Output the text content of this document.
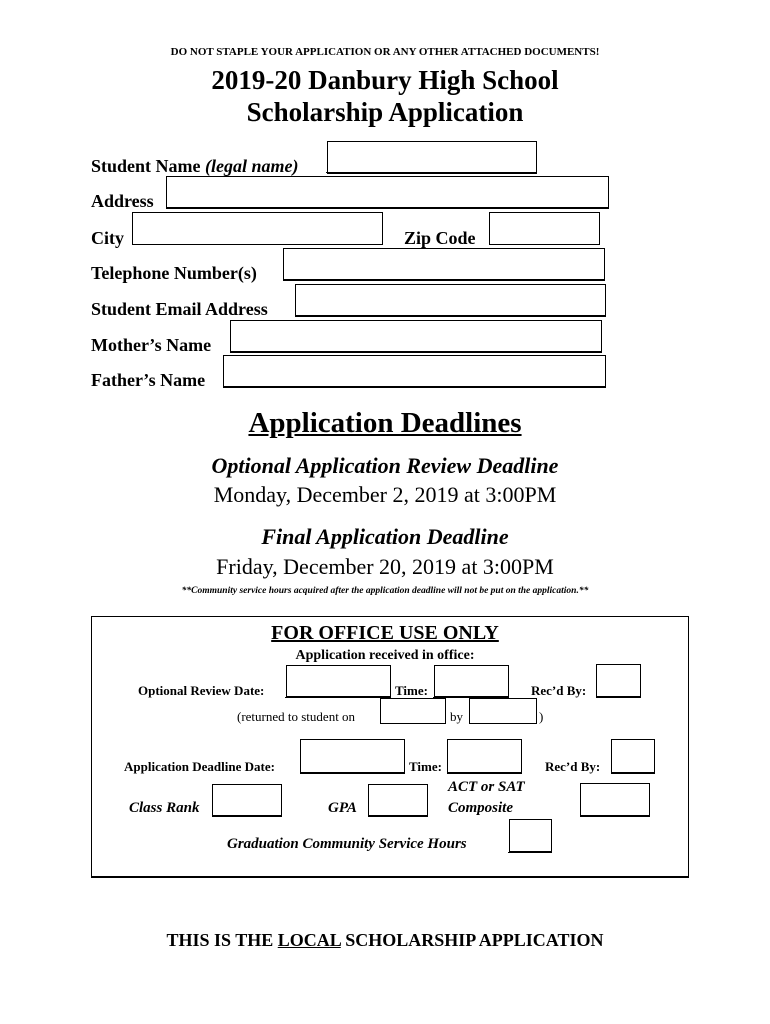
DO NOT STAPLE YOUR APPLICATION OR ANY OTHER ATTACHED DOCUMENTS!
2019-20 Danbury High School
Scholarship Application
Student Name (legal name)
Address
City	Zip Code
Telephone Number(s)
Student Email Address
Mother’s Name
Father’s Name
Application Deadlines
Optional Application Review Deadline
Monday, December 2, 2019 at 3:00PM
Final Application Deadline
Friday, December 20, 2019 at 3:00PM
**Community service hours acquired after the application deadline will not be put on the application.**
FOR OFFICE USE ONLY
Application received in office:
Optional Review Date:	Time:	Rec’d By:
(returned to student on	by	)
Application Deadline Date:	Time:	Rec’d By:
Class Rank	GPA
ACT or SAT
Composite
Graduation Community Service Hours
THIS IS THE LOCAL SCHOLARSHIP APPLICATION
